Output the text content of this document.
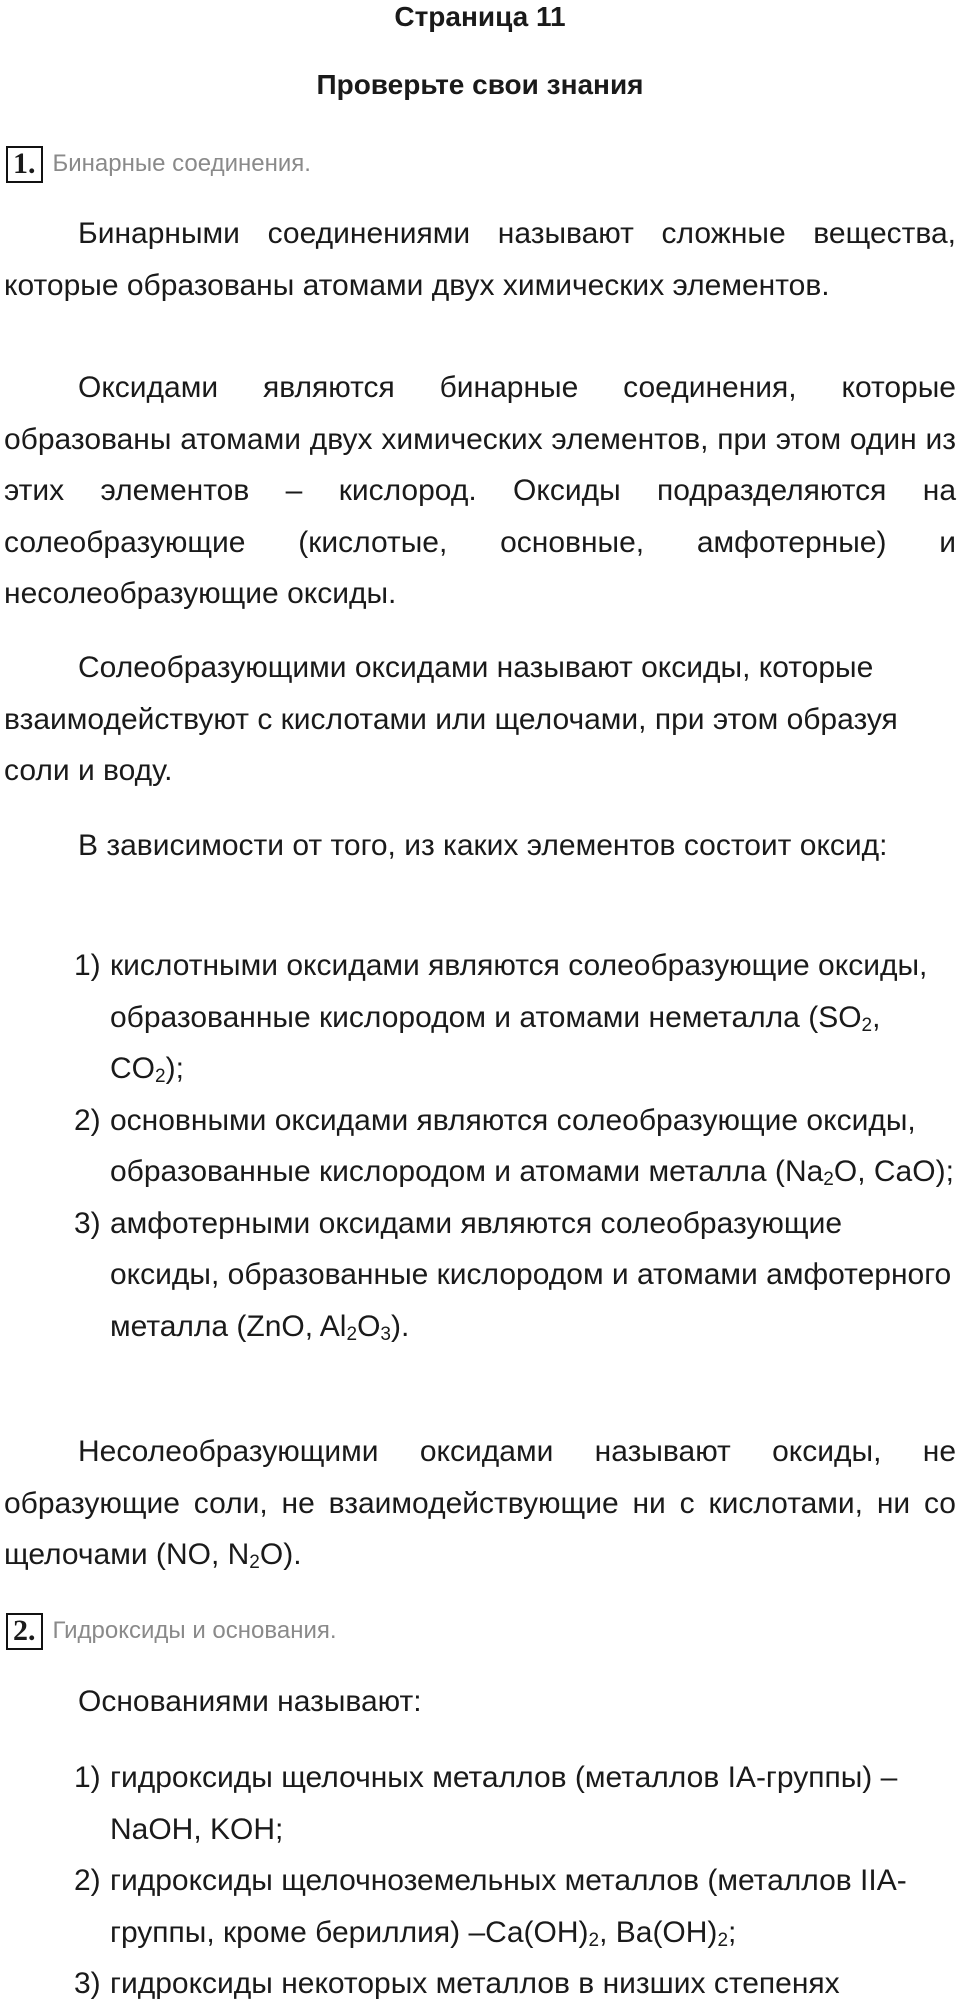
Страница 11
Проверьте свои знания
1. Бинарные соединения.

Бинарными соединениями называют сложные вещества, которые образованы атомами двух химических элементов.

Оксидами являются бинарные соединения, которые образованы атомами двух химических элементов, при этом один из этих элементов – кислород. Оксиды подразделяются на солеобразующие (кислотые, основные, амфотерные) и несолеобразующие оксиды.

Солеобразующими оксидами называют оксиды, которые взаимодействуют с кислотами или щелочами, при этом образуя соли и воду.

В зависимости от того, из каких элементов состоит оксид:

1) кислотными оксидами являются солеобразующие оксиды, образованные кислородом и атомами неметалла ($SO_2$, $CO_2$);
2) основными оксидами являются солеобразующие оксиды, образованные кислородом и атомами металла ($Na_2O$, CaO);
3) амфотерными оксидами являются солеобразующие оксиды, образованные кислородом и атомами амфотерного металла (ZnO, $Al_2O_3$).

Несолеобразующими оксидами называют оксиды, не образующие соли, не взаимодействующие ни с кислотами, ни со щелочами (NO, $N_2O$).

2. Гидроксиды и основания.

Основаниями называют:

1) гидроксиды щелочных металлов (металлов IA-группы) – NaOH, KOH;
2) гидроксиды щелочноземельных металлов (металлов IIA-группы, кроме бериллия) $-Ca(OH)_2$, $Ba(OH)_2$;
3) гидроксиды некоторых металлов в низших степенях
